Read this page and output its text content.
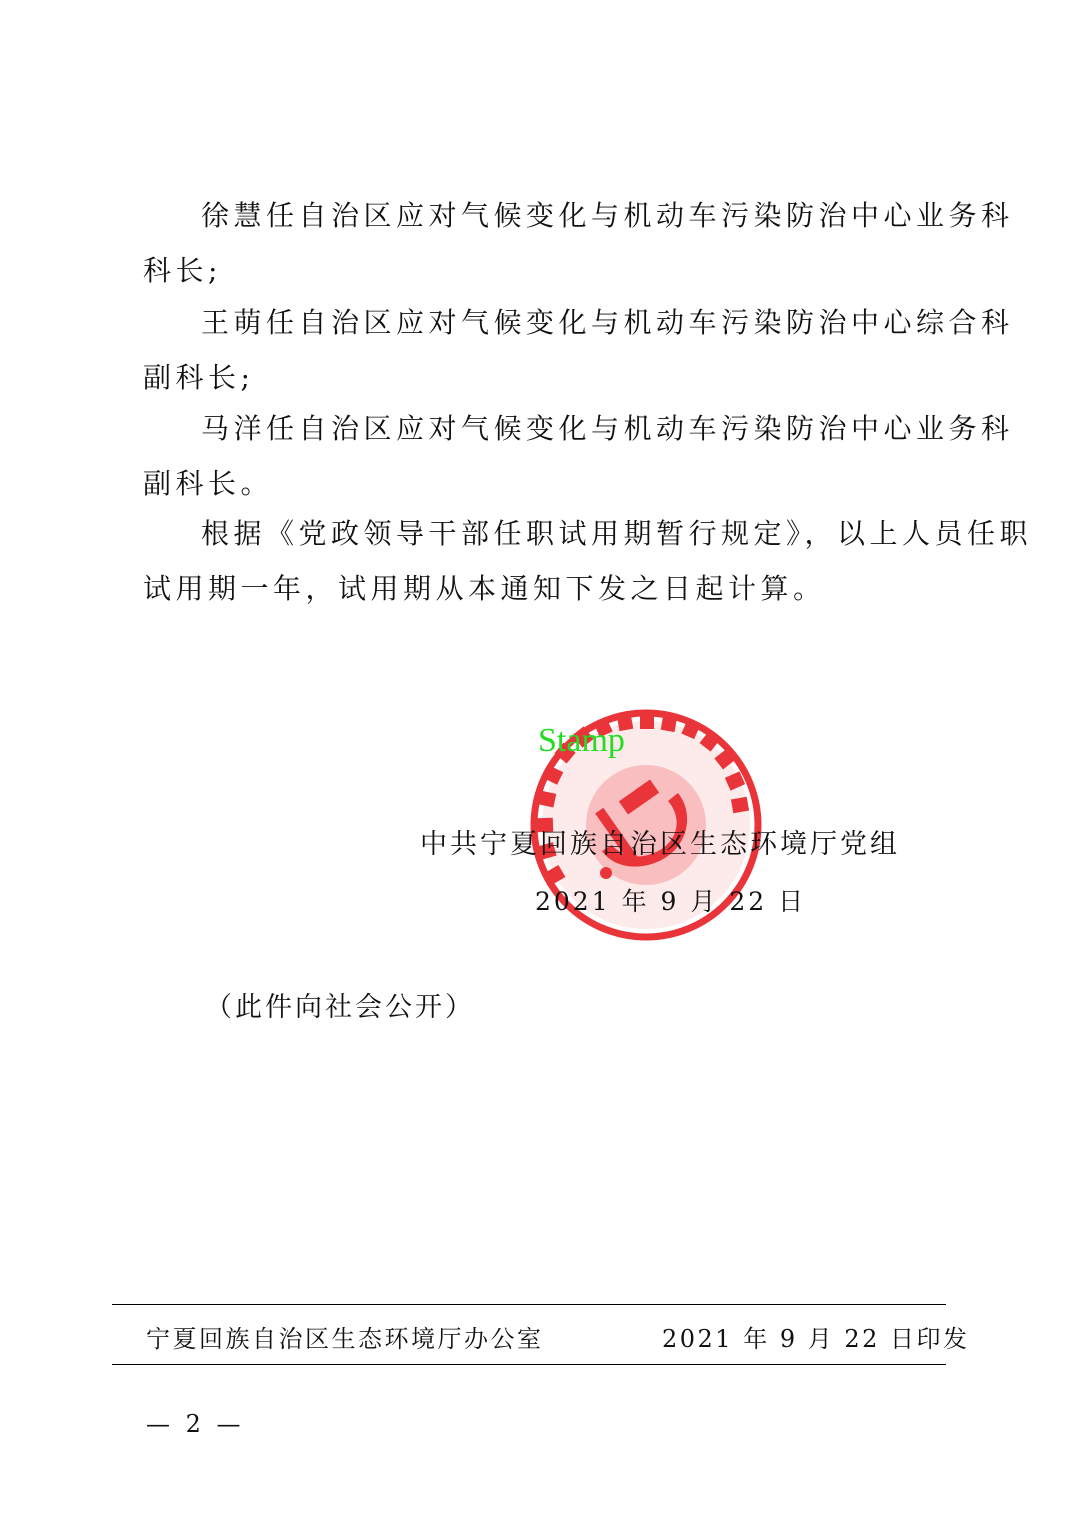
徐慧任自治区应对气候变化与机动车污染防治中心业务科
科长;

王萌任自治区应对气候变化与机动车污染防治中心综合科
副科长;

马洋任自治区应对气候变化与机动车污染防治中心业务科
副科长。

根据《党政领导干部任职试用期暂行规定》，以上人员任职
试用期一年，试用期从本通知下发之日起计算。

Stamp
中共宁夏回族自治区生态环境厅党组
2021 年 9 月 22 日
（此件向社会公开）
宁夏回族自治区生态环境厅办公室	2021 年 9 月 22 日印发
— 2 —
